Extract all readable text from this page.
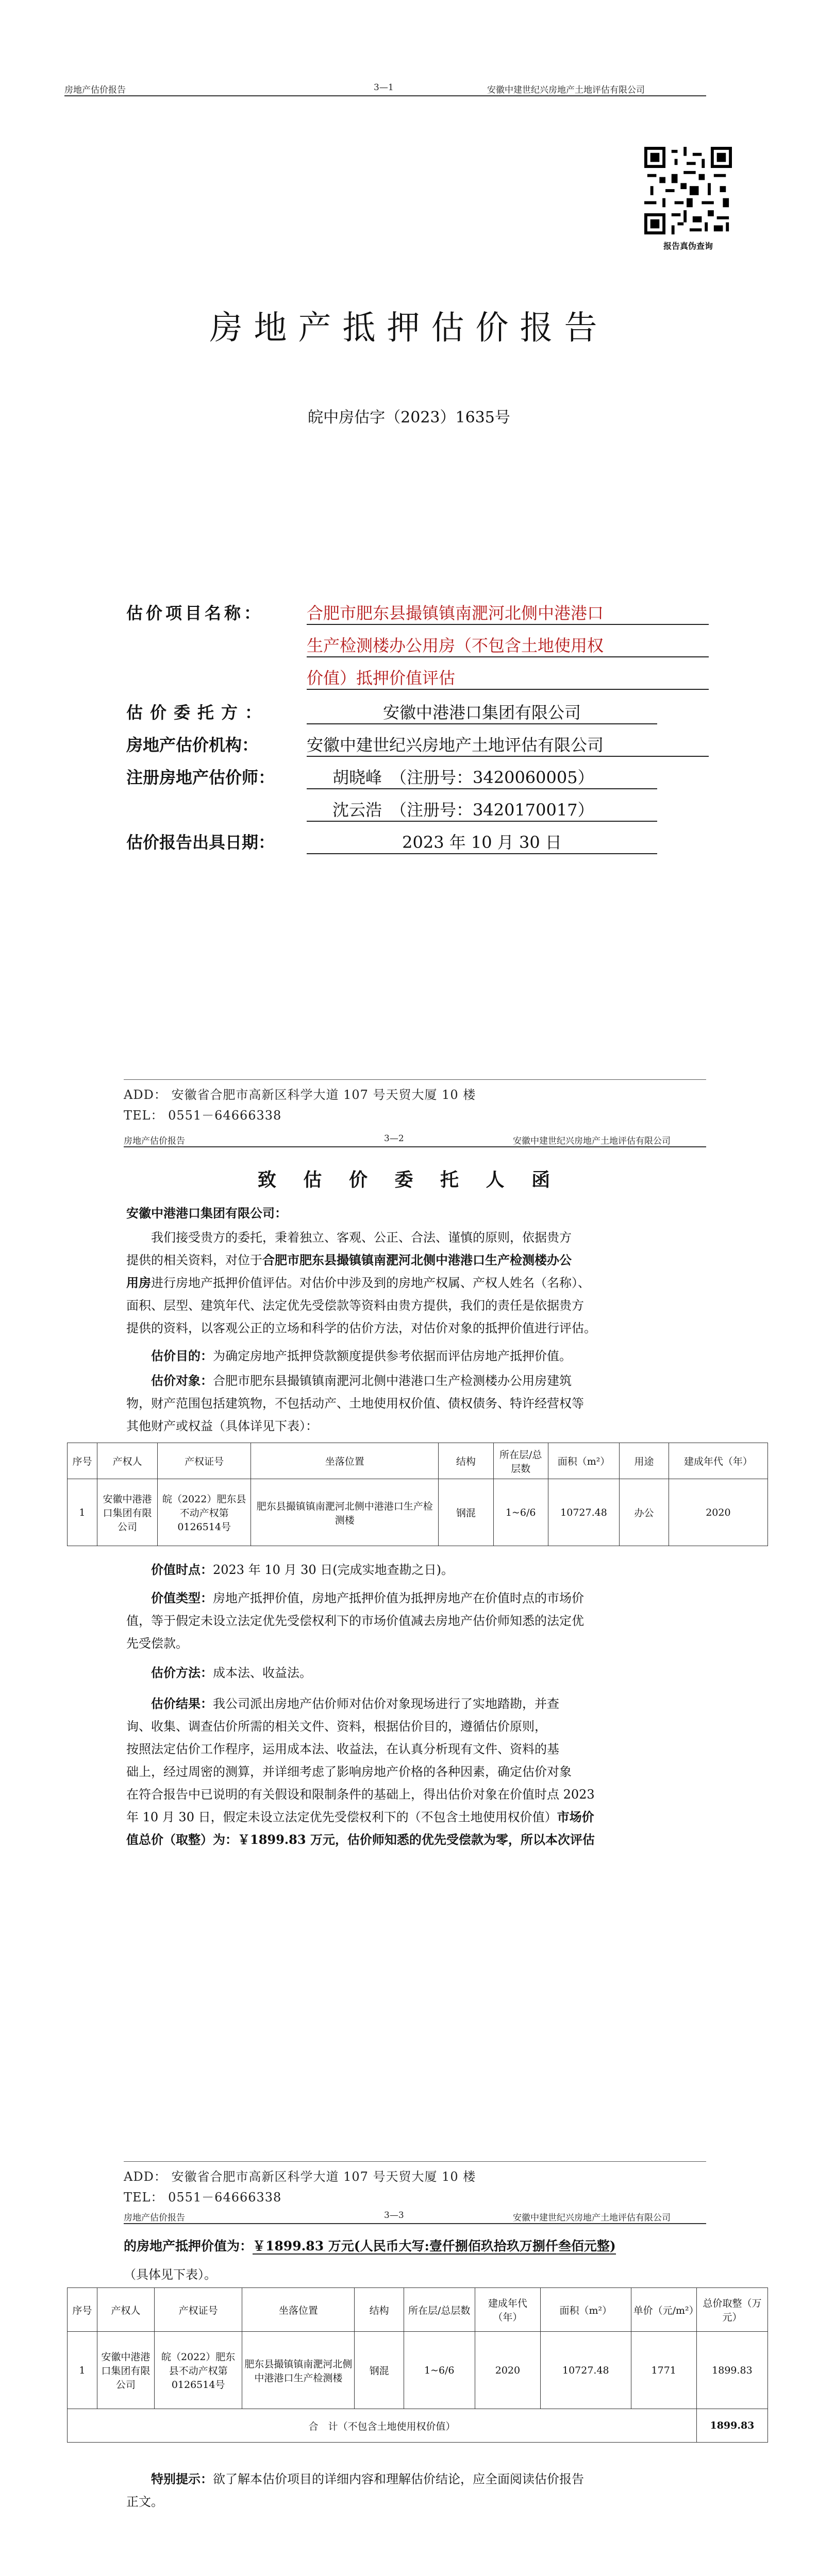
房地产估价报告	3—1	安徽中建世纪兴房地产土地评估有限公司
报告真伪查询
房地产抵押估价报告
皖中房估字（2023）1635号
估价项目名称：	合肥市肥东县撮镇镇南淝河北侧中港港口
生产检测楼办公用房（不包含土地使用权
价值）抵押价值评估
估价委托方：	安徽中港港口集团有限公司
房地产估价机构：	安徽中建世纪兴房地产土地评估有限公司
注册房地产估价师：	胡晓峰　（注册号：3420060005）
沈云浩　（注册号：3420170017）
估价报告出具日期：	2023 年 10 月 30 日
ADD： 安徽省合肥市高新区科学大道 107 号天贸大厦 10 楼
TEL： 0551－64666338
房地产估价报告	3—2	安徽中建世纪兴房地产土地评估有限公司
致 估 价 委 托 人 函
安徽中港港口集团有限公司：
我们接受贵方的委托，秉着独立、客观、公正、合法、谨慎的原则，依据贵方
提供的相关资料，对位于合肥市肥东县撮镇镇南淝河北侧中港港口生产检测楼办公
用房进行房地产抵押价值评估。对估价中涉及到的房地产权属、产权人姓名（名称）、
面积、层型、建筑年代、法定优先受偿款等资料由贵方提供，我们的责任是依据贵方
提供的资料，以客观公正的立场和科学的估价方法，对估价对象的抵押价值进行评估。
估价目的：为确定房地产抵押贷款额度提供参考依据而评估房地产抵押价值。
估价对象：合肥市肥东县撮镇镇南淝河北侧中港港口生产检测楼办公用房建筑
物，财产范围包括建筑物，不包括动产、土地使用权价值、债权债务、特许经营权等
其他财产或权益（具体详见下表）：
序号	产权人	产权证号	坐落位置	结构	所在层/总层数	面积（m²）	用途	建成年代（年）
1	安徽中港港口集团有限公司	皖（2022）肥东县不动产权第0126514号	肥东县撮镇镇南淝河北侧中港港口生产检测楼	钢混	1~6/6	10727.48	办公	2020
价值时点：2023 年 10 月 30 日(完成实地查勘之日)。
价值类型：房地产抵押价值，房地产抵押价值为抵押房地产在价值时点的市场价
值，等于假定未设立法定优先受偿权利下的市场价值减去房地产估价师知悉的法定优
先受偿款。
估价方法：成本法、收益法。
估价结果：我公司派出房地产估价师对估价对象现场进行了实地踏勘，并查
询、收集、调查估价所需的相关文件、资料，根据估价目的，遵循估价原则，
按照法定估价工作程序，运用成本法、收益法，在认真分析现有文件、资料的基
础上，经过周密的测算，并详细考虑了影响房地产价格的各种因素，确定估价对象
在符合报告中已说明的有关假设和限制条件的基础上，得出估价对象在价值时点 2023
年 10 月 30 日，假定未设立法定优先受偿权利下的（不包含土地使用权价值）市场价
值总价（取整）为：￥1899.83 万元，估价师知悉的优先受偿款为零，所以本次评估
ADD： 安徽省合肥市高新区科学大道 107 号天贸大厦 10 楼
TEL： 0551－64666338
房地产估价报告	3—3	安徽中建世纪兴房地产土地评估有限公司
的房地产抵押价值为：￥1899.83 万元(人民币大写:壹仟捌佰玖拾玖万捌仟叁佰元整)
（具体见下表）。
序号	产权人	产权证号	坐落位置	结构	所在层/总层数	建成年代（年）	面积（m²）	单价（元/m²）	总价取整（万元）
1	安徽中港港口集团有限公司	皖（2022）肥东县不动产权第0126514号	肥东县撮镇镇南淝河北侧中港港口生产检测楼	钢混	1~6/6	2020	10727.48	1771	1899.83
合　计（不包含土地使用权价值）									1899.83
特别提示：欲了解本估价项目的详细内容和理解估价结论，应全面阅读估价报告
正文。
